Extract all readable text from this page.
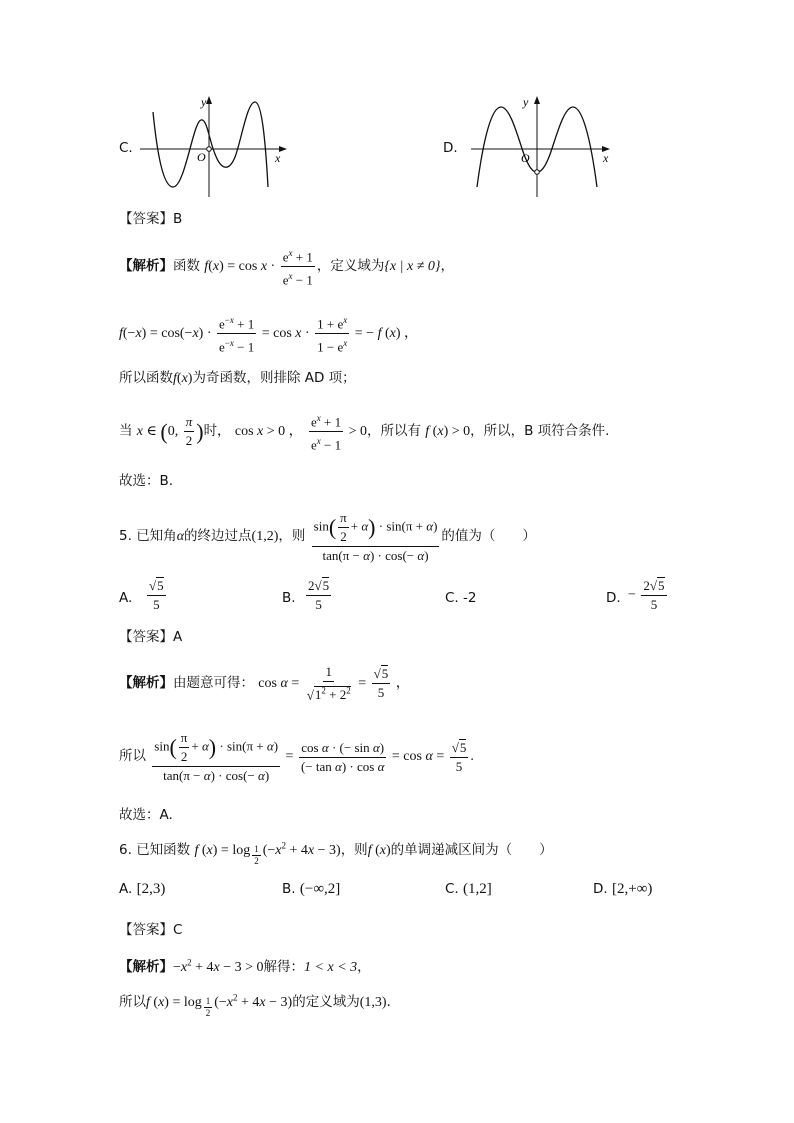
C.
y
x
O
D.
y
x
O
【答案】B
【解析】函数 $f(x) = \cos x \cdot \frac{e^x + 1}{e^x - 1}$ ，定义域为{x | x ≠ 0}，
$f(-x) = \cos(-x) \cdot \frac{e^{-x} + 1}{e^{-x} - 1} = \cos x \cdot \frac{1 + e^x}{1 - e^x}$ = − f (x) ，
所以函数f(x)为奇函数，则排除 AD 项；
当 x ∈ (0, $\frac{\pi}{2}$ )时， cos x > 0 ， $\frac{e^x + 1}{e^x - 1} > 0$，所以有 f (x) > 0，所以，B 项符合条件.
故选：B.
5. 已知角α的终边过点(1,2)，则 $\frac{\sin( \frac{\pi}{2} + \alpha) \cdot \sin(\pi + \alpha)}{\tan(\pi - \alpha) \cdot \cos(- \alpha)}$ 的值为（　　）
A. $\frac{√5}{5}$	B. $\frac{2√5}{5}$	C. -2	D. − $\frac{2√5}{5}$
【答案】A
【解析】由题意可得： $\cos \alpha = \frac{1}{√1^2 + 2^2} = \frac{√5}{5}$ ，
所以 $\frac{\sin( \frac{\pi}{2} + \alpha) \cdot \sin(\pi + \alpha)}{\tan(\pi - \alpha) \cdot \cos(- \alpha)} = \frac{\text{cos α · (− sin α)}}{\text{(− tan α) · cos α}} = \cos \alpha = \frac{√5}{5}$ .
故选：A.
6. 已知函数 f (x) = log $_{\frac{1}{2}}$ $(-x^2 + 4x - 3)$，则f (x)的单调递减区间为（　　）
A. [2,3)	B. (−∞,2]	C. (1,2]	D. [2,+∞)
【答案】C
【解析】$-x^2 + 4x - 3 > 0$解得：1 < x < 3，
所以f (x) = log $_{\frac{1}{2}}$ $(-x^2 + 4x - 3)$的定义域为(1,3).
